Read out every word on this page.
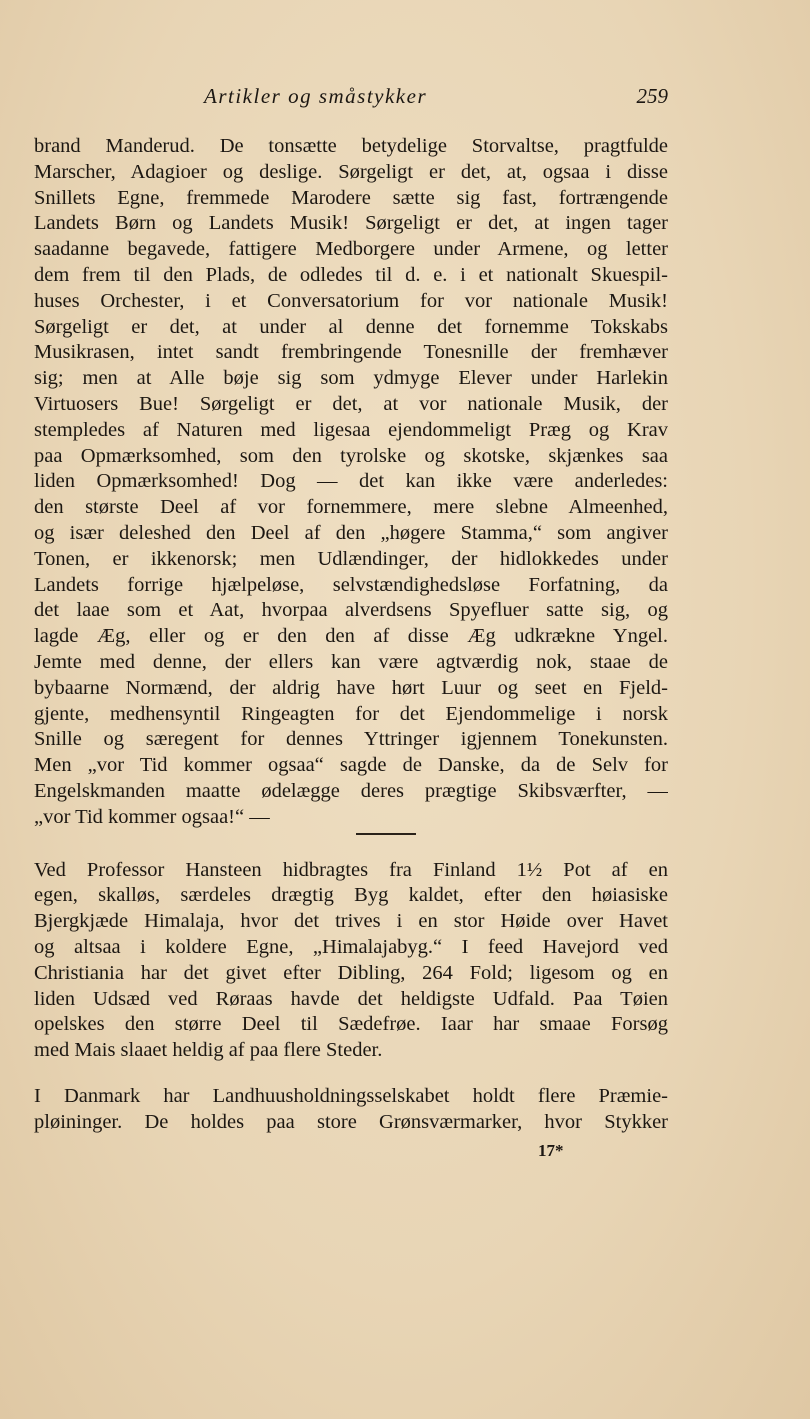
Artikler og småstykker	259
brand Manderud. De tonsætte betydelige Storvaltse, pragtfulde
Marscher, Adagioer og deslige. Sørgeligt er det, at, ogsaa i disse
Snillets Egne, fremmede Marodere sætte sig fast, fortrængende
Landets Børn og Landets Musik! Sørgeligt er det, at ingen tager
saadanne begavede, fattigere Medborgere under Armene, og letter
dem frem til den Plads, de odledes til d. e. i et nationalt Skuespil-
huses Orchester, i et Conversatorium for vor nationale Musik!
Sørgeligt er det, at under al denne det fornemme Tokskabs
Musikrasen, intet sandt frembringende Tonesnille der fremhæver
sig; men at Alle bøje sig som ydmyge Elever under Harlekin
Virtuosers Bue! Sørgeligt er det, at vor nationale Musik, der
stempledes af Naturen med ligesaa ejendommeligt Præg og Krav
paa Opmærksomhed, som den tyrolske og skotske, skjænkes saa
liden Opmærksomhed! Dog — det kan ikke være anderledes:
den største Deel af vor fornemmere, mere slebne Almeenhed,
og især deleshed den Deel af den „høgere Stamma,“ som angiver
Tonen, er ikkenorsk; men Udlændinger, der hidlokkedes under
Landets forrige hjælpeløse, selvstændighedsløse Forfatning, da
det laae som et Aat, hvorpaa alverdsens Spyefluer satte sig, og
lagde Æg, eller og er den den af disse Æg udkrækne Yngel.
Jemte med denne, der ellers kan være agtværdig nok, staae de
bybaarne Normænd, der aldrig have hørt Luur og seet en Fjeld-
gjente, medhensyntil Ringeagten for det Ejendommelige i norsk
Snille og særegent for dennes Yttringer igjennem Tonekunsten.
Men „vor Tid kommer ogsaa“ sagde de Danske, da de Selv for
Engelskmanden maatte ødelægge deres prægtige Skibsværfter, —
„vor Tid kommer ogsaa!“ —
Ved Professor Hansteen hidbragtes fra Finland 1½ Pot af en
egen, skalløs, særdeles drægtig Byg kaldet, efter den høiasiske
Bjergkjæde Himalaja, hvor det trives i en stor Høide over Havet
og altsaa i koldere Egne, „Himalajabyg.“ I feed Havejord ved
Christiania har det givet efter Dibling, 264 Fold; ligesom og en
liden Udsæd ved Røraas havde det heldigste Udfald. Paa Tøien
opelskes den større Deel til Sædefrøe. Iaar har smaae Forsøg
med Mais slaaet heldig af paa flere Steder.
I Danmark har Landhuusholdningsselskabet holdt flere Præmie-
pløininger. De holdes paa store Grønsværmarker, hvor Stykker
17*
